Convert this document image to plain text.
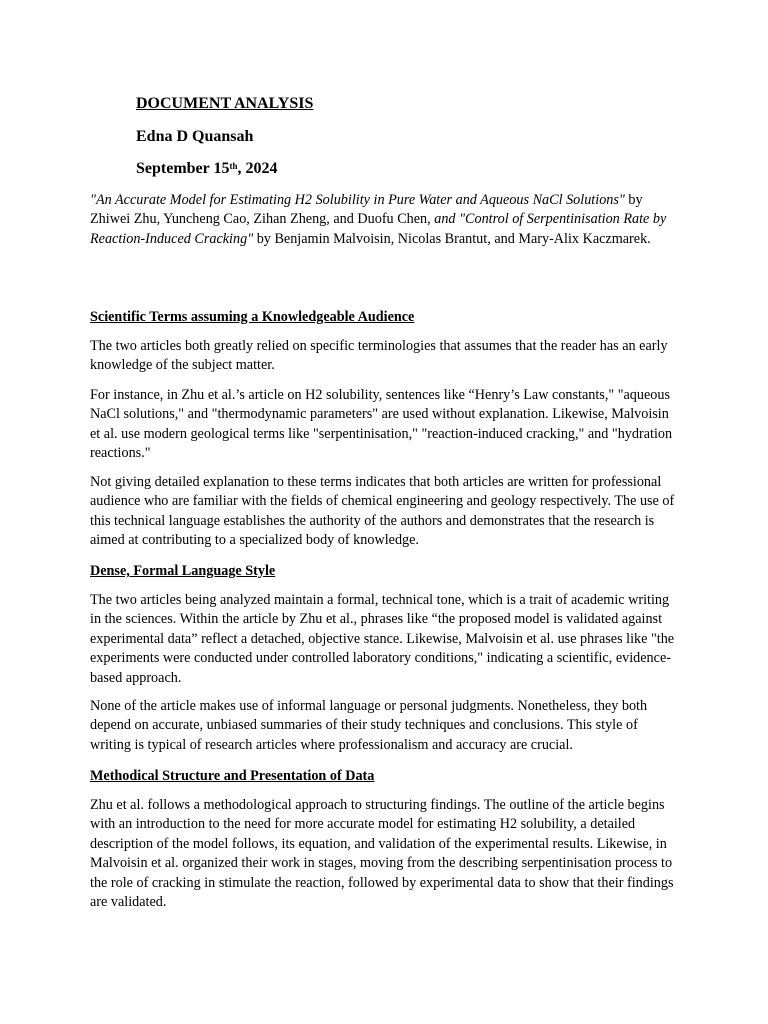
DOCUMENT ANALYSIS
Edna D Quansah
September 15th, 2024

"An Accurate Model for Estimating H2 Solubility in Pure Water and Aqueous NaCl Solutions" by Zhiwei Zhu, Yuncheng Cao, Zihan Zheng, and Duofu Chen, and "Control of Serpentinisation Rate by Reaction-Induced Cracking" by Benjamin Malvoisin, Nicolas Brantut, and Mary-Alix Kaczmarek.

Scientific Terms assuming a Knowledgeable Audience

The two articles both greatly relied on specific terminologies that assumes that the reader has an early knowledge of the subject matter.

For instance, in Zhu et al.’s article on H2 solubility, sentences like “Henry’s Law constants," "aqueous NaCl solutions," and "thermodynamic parameters" are used without explanation. Likewise, Malvoisin et al. use modern geological terms like "serpentinisation," "reaction-induced cracking," and "hydration reactions."

Not giving detailed explanation to these terms indicates that both articles are written for professional audience who are familiar with the fields of chemical engineering and geology respectively. The use of this technical language establishes the authority of the authors and demonstrates that the research is aimed at contributing to a specialized body of knowledge.

Dense, Formal Language Style

The two articles being analyzed maintain a formal, technical tone, which is a trait of academic writing in the sciences. Within the article by Zhu et al., phrases like “the proposed model is validated against experimental data” reflect a detached, objective stance. Likewise, Malvoisin et al. use phrases like "the experiments were conducted under controlled laboratory conditions," indicating a scientific, evidence-based approach.

None of the article makes use of informal language or personal judgments. Nonetheless, they both depend on accurate, unbiased summaries of their study techniques and conclusions. This style of writing is typical of research articles where professionalism and accuracy are crucial.

Methodical Structure and Presentation of Data

Zhu et al. follows a methodological approach to structuring findings. The outline of the article begins with an introduction to the need for more accurate model for estimating H2 solubility, a detailed description of the model follows, its equation, and validation of the experimental results. Likewise, in Malvoisin et al. organized their work in stages, moving from the describing serpentinisation process to the role of cracking in stimulate the reaction, followed by experimental data to show that their findings are validated.
